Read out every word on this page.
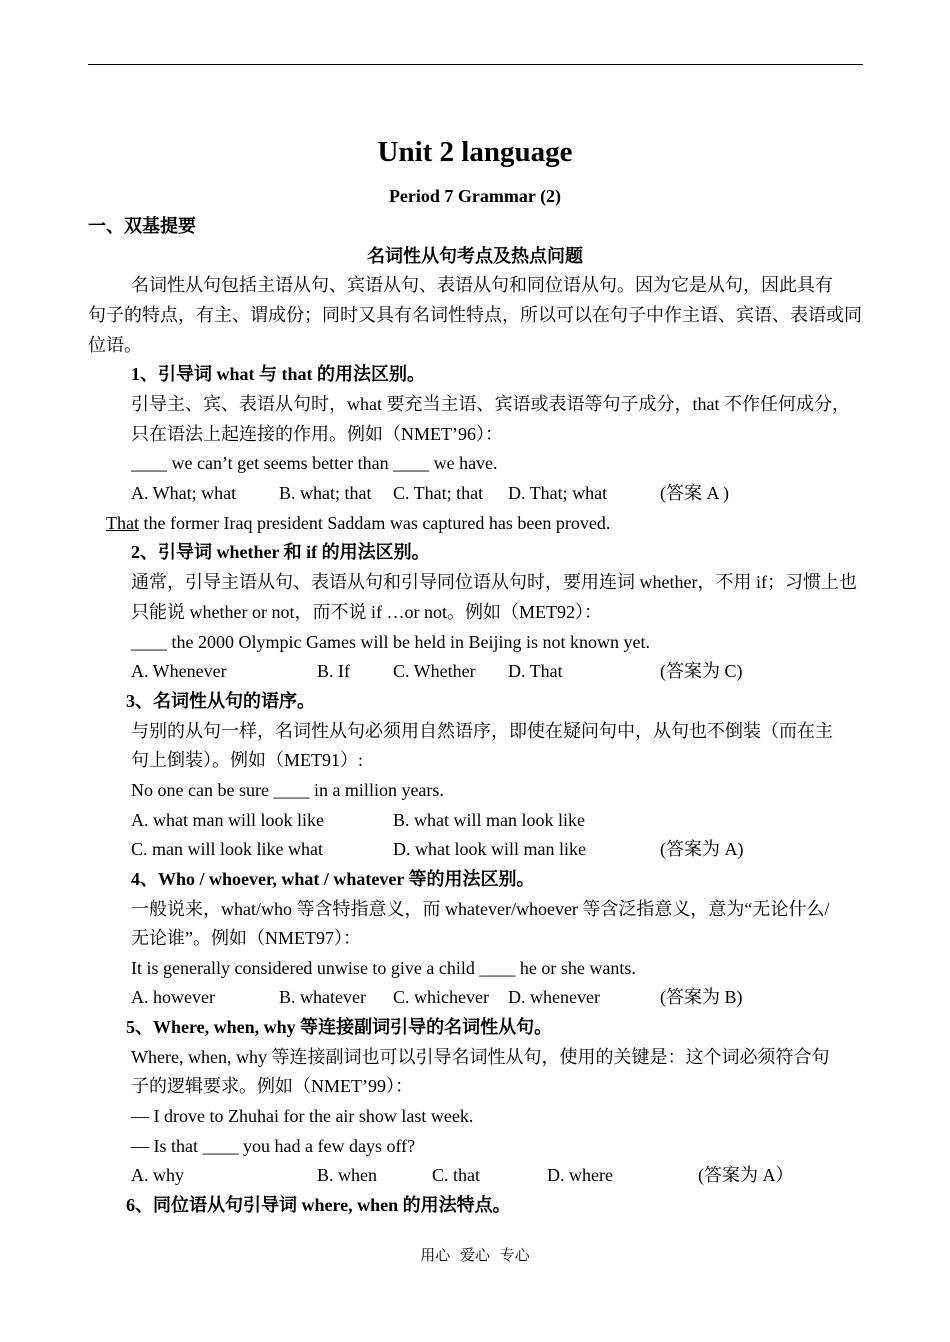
Unit 2 language
Period 7 Grammar (2)
一、双基提要
名词性从句考点及热点问题
名词性从句包括主语从句、宾语从句、表语从句和同位语从句。因为它是从句，因此具有
句子的特点，有主、谓成份；同时又具有名词性特点，所以可以在句子中作主语、宾语、表语或同
位语。
1、引导词 what 与 that 的用法区别。
引导主、宾、表语从句时，what 要充当主语、宾语或表语等句子成分，that 不作任何成分，
只在语法上起连接的作用。例如（NMET’96）：
____ we can’t get seems better than ____ we have.
A. What; what B. what; that C. That; that D. That; what	(答案 A )
That the former Iraq president Saddam was captured has been proved.
2、引导词 whether 和 if 的用法区别。
通常，引导主语从句、表语从句和引导同位语从句时，要用连词 whether，不用 if；习惯上也
只能说 whether or not，而不说 if …or not。例如（MET92）：
____ the 2000 Olympic Games will be held in Beijing is not known yet.
A. Whenever	B. If C. Whether D. That	(答案为 C)
3、名词性从句的语序。
与别的从句一样，名词性从句必须用自然语序，即使在疑问句中，从句也不倒装（而在主
句上倒装）。例如（MET91）:
No one can be sure ____ in a million years.
A. what man will look like	B. what will man look like
C. man will look like what	D. what look will man like	(答案为 A)
4、Who / whoever, what / whatever 等的用法区别。
一般说来，what/who 等含特指意义，而 whatever/whoever 等含泛指意义，意为“无论什么/
无论谁”。例如（NMET97）：
It is generally considered unwise to give a child ____ he or she wants.
A. however	B. whatever C. whichever D. whenever	(答案为 B)
5、Where, when, why 等连接副词引导的名词性从句。
Where, when, why 等连接副词也可以引导名词性从句，使用的关键是：这个词必须符合句
子的逻辑要求。例如（NMET’99）：
— I drove to Zhuhai for the air show last week.
— Is that ____ you had a few days off?
A. why	B. when	C. that	D. where	(答案为 A）
6、同位语从句引导词 where, when 的用法特点。
用心 爱心 专心
